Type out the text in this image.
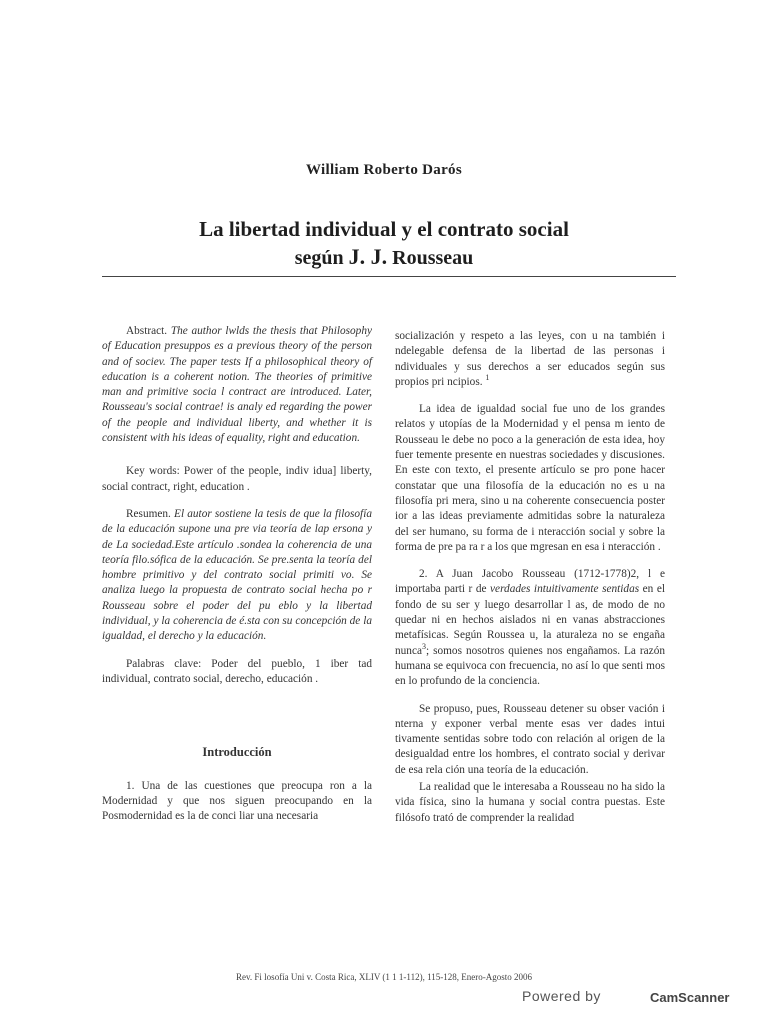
William Roberto Darós
La libertad individual y el contrato social
según J. J. Rousseau

Abstract. The author lwlds the thesis that Philosophy of Education presuppos es a previous theory of the person and of sociev. The paper tests If a philosophical theory of education is a coherent notion. The theories of primitive man and primitive socia l contract are introduced. Later, Rousseau's social contrae! is analy ed regarding the power of the people and individual liberty, and whether it is consistent with his ideas of equality, right and education.

Key words: Power of the people, indiv idua] liberty, social contract, right, education .

Resumen. El autor sostiene la tesis de que la filosofía de la educación supone una pre via teoría de lap ersona y de La sociedad.Este artículo .sondea la coherencia de una teoría filo.sófica de la educación. Se pre.senta la teoría del hombre primitivo y del contrato social primiti vo. Se analiza luego la propuesta de contrato social hecha po r Rousseau sobre el poder del pu eblo y la libertad individual, y la coherencia de é.sta con su concepción de la igualdad, el derecho y la educación.

Palabras clave: Poder del pueblo, 1 iber tad individual, contrato social, derecho, educación .

Introducción

1. Una de las cuestiones que preocupa ron a la Modernidad y que nos siguen preocupando en la Posmodernidad es la de conci liar una necesaria

socialización y respeto a las leyes, con u na también i ndelegable defensa de la libertad de las personas i ndividuales y sus derechos a ser educados según sus propios pri ncipios. $^1$

La idea de igualdad social fue uno de los grandes relatos y utopías de la Modernidad y el pensa m iento de Rousseau le debe no poco a la generación de esta idea, hoy fuer temente presente en nuestras sociedades y discusiones. En este con texto, el presente artículo se pro pone hacer constatar que una filosofía de la educación no es u na filosofía pri mera, sino u na coherente consecuencia poster ior a las ideas previamente admitidas sobre la naturaleza del ser humano, su forma de i nteracción social y sobre la forma de pre pa ra r a los que mgresan en esa i nteracción .

2. A Juan Jacobo Rousseau (1712-1778)2, l e importaba parti r de verdades intuitivamente sentidas en el fondo de su ser y luego desarrollar l as, de modo de no quedar ni en hechos aislados ni en vanas abstracciones metafísicas. Según Roussea u, la aturaleza no se engaña nunca$^3$; somos nosotros quienes nos engañamos. La razón humana se equivoca con frecuencia, no así lo que senti mos en lo profundo de la conciencia.

Se propuso, pues, Rousseau detener su obser vación i nterna y exponer verbal mente esas ver dades intui tivamente sentidas sobre todo con relación al origen de la desigualdad entre los hombres, el contrato social y derivar de esa rela ción una teoría de la educación.

La realidad que le interesaba a Rousseau no ha sido la vida física, sino la humana y social contra puestas. Este filósofo trató de comprender la realidad

Rev. Fi losofía Uni v. Costa Rica, XLIV (1 1 1-112), 115-128, Enero-Agosto 2006
Powered by	CamScanner
